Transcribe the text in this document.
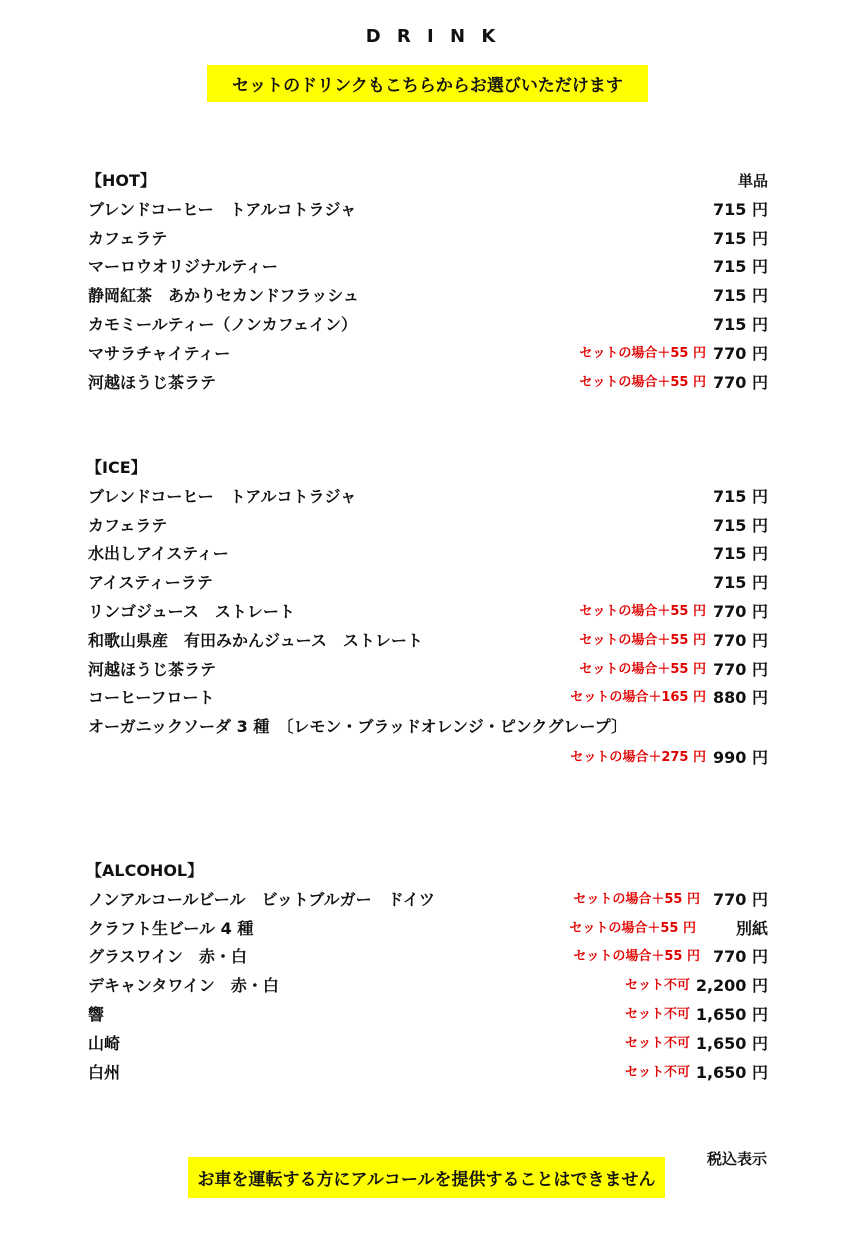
D R I N K
セットのドリンクもこちらからお選びいただけます
【HOT】	単品
ブレンドコーヒー　トアルコトラジャ	715 円
カフェラテ	715 円
マーロウオリジナルティー	715 円
静岡紅茶　あかりセカンドフラッシュ	715 円
カモミールティー（ノンカフェイン）	715 円
マサラチャイティー	セットの場合＋55 円 770 円
河越ほうじ茶ラテ	セットの場合＋55 円 770 円
【ICE】
ブレンドコーヒー　トアルコトラジャ	715 円
カフェラテ	715 円
水出しアイスティー	715 円
アイスティーラテ	715 円
リンゴジュース　ストレート	セットの場合＋55 円 770 円
和歌山県産　有田みかんジュース　ストレート	セットの場合＋55 円 770 円
河越ほうじ茶ラテ	セットの場合＋55 円 770 円
コーヒーフロート	セットの場合＋165 円 880 円
オーガニックソーダ 3 種　〔レモン・ブラッドオレンジ・ピンクグレープ〕
セットの場合＋275 円 990 円
【ALCOHOL】
ノンアルコールビール　ビットブルガー　ドイツ	セットの場合＋55 円 770 円
クラフト生ビール 4 種	セットの場合＋55 円 別紙
グラスワイン　赤・白	セットの場合＋55 円 770 円
デキャンタワイン　赤・白	セット不可 2,200 円
響	セット不可 1,650 円
山崎	セット不可 1,650 円
白州	セット不可 1,650 円
税込表示
お車を運転する方にアルコールを提供することはできません
